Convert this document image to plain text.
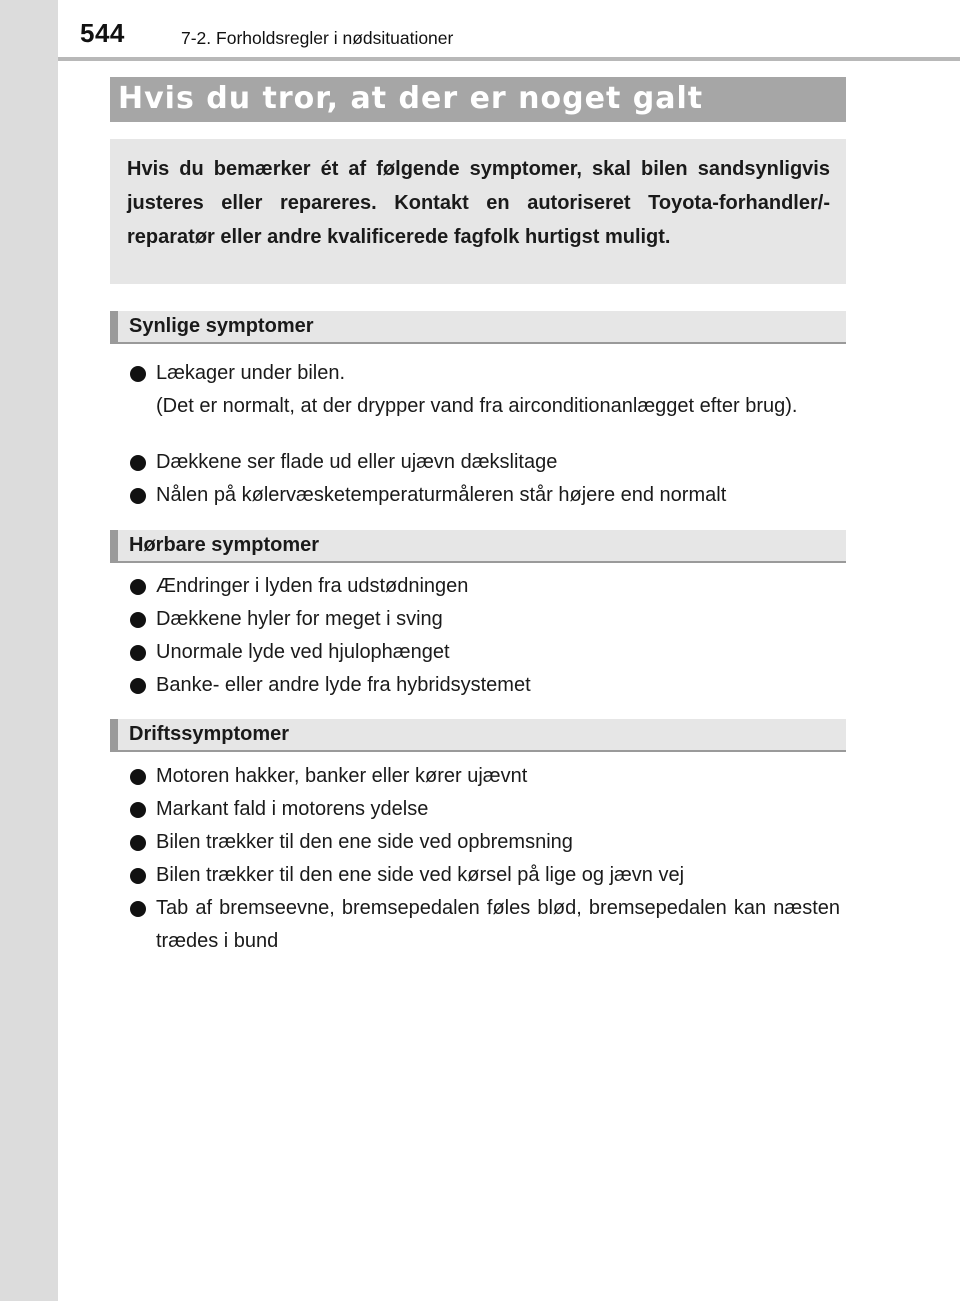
544	7-2. Forholdsregler i nødsituationer
Hvis du tror, at der er noget galt
Hvis du bemærker ét af følgende symptomer, skal bilen sandsynligvis justeres eller repareres. Kontakt en autoriseret Toyota-forhandler/-reparatør eller andre kvalificerede fagfolk hurtigst muligt.
Synlige symptomer
Lækager under bilen.
(Det er normalt, at der drypper vand fra airconditionanlægget efter brug).
Dækkene ser flade ud eller ujævn dækslitage
Nålen på kølervæsketemperaturmåleren står højere end normalt
Hørbare symptomer
Ændringer i lyden fra udstødningen
Dækkene hyler for meget i sving
Unormale lyde ved hjulophænget
Banke- eller andre lyde fra hybridsystemet
Driftssymptomer
Motoren hakker, banker eller kører ujævnt
Markant fald i motorens ydelse
Bilen trækker til den ene side ved opbremsning
Bilen trækker til den ene side ved kørsel på lige og jævn vej
Tab af bremseevne, bremsepedalen føles blød, bremsepedalen kan næsten trædes i bund
